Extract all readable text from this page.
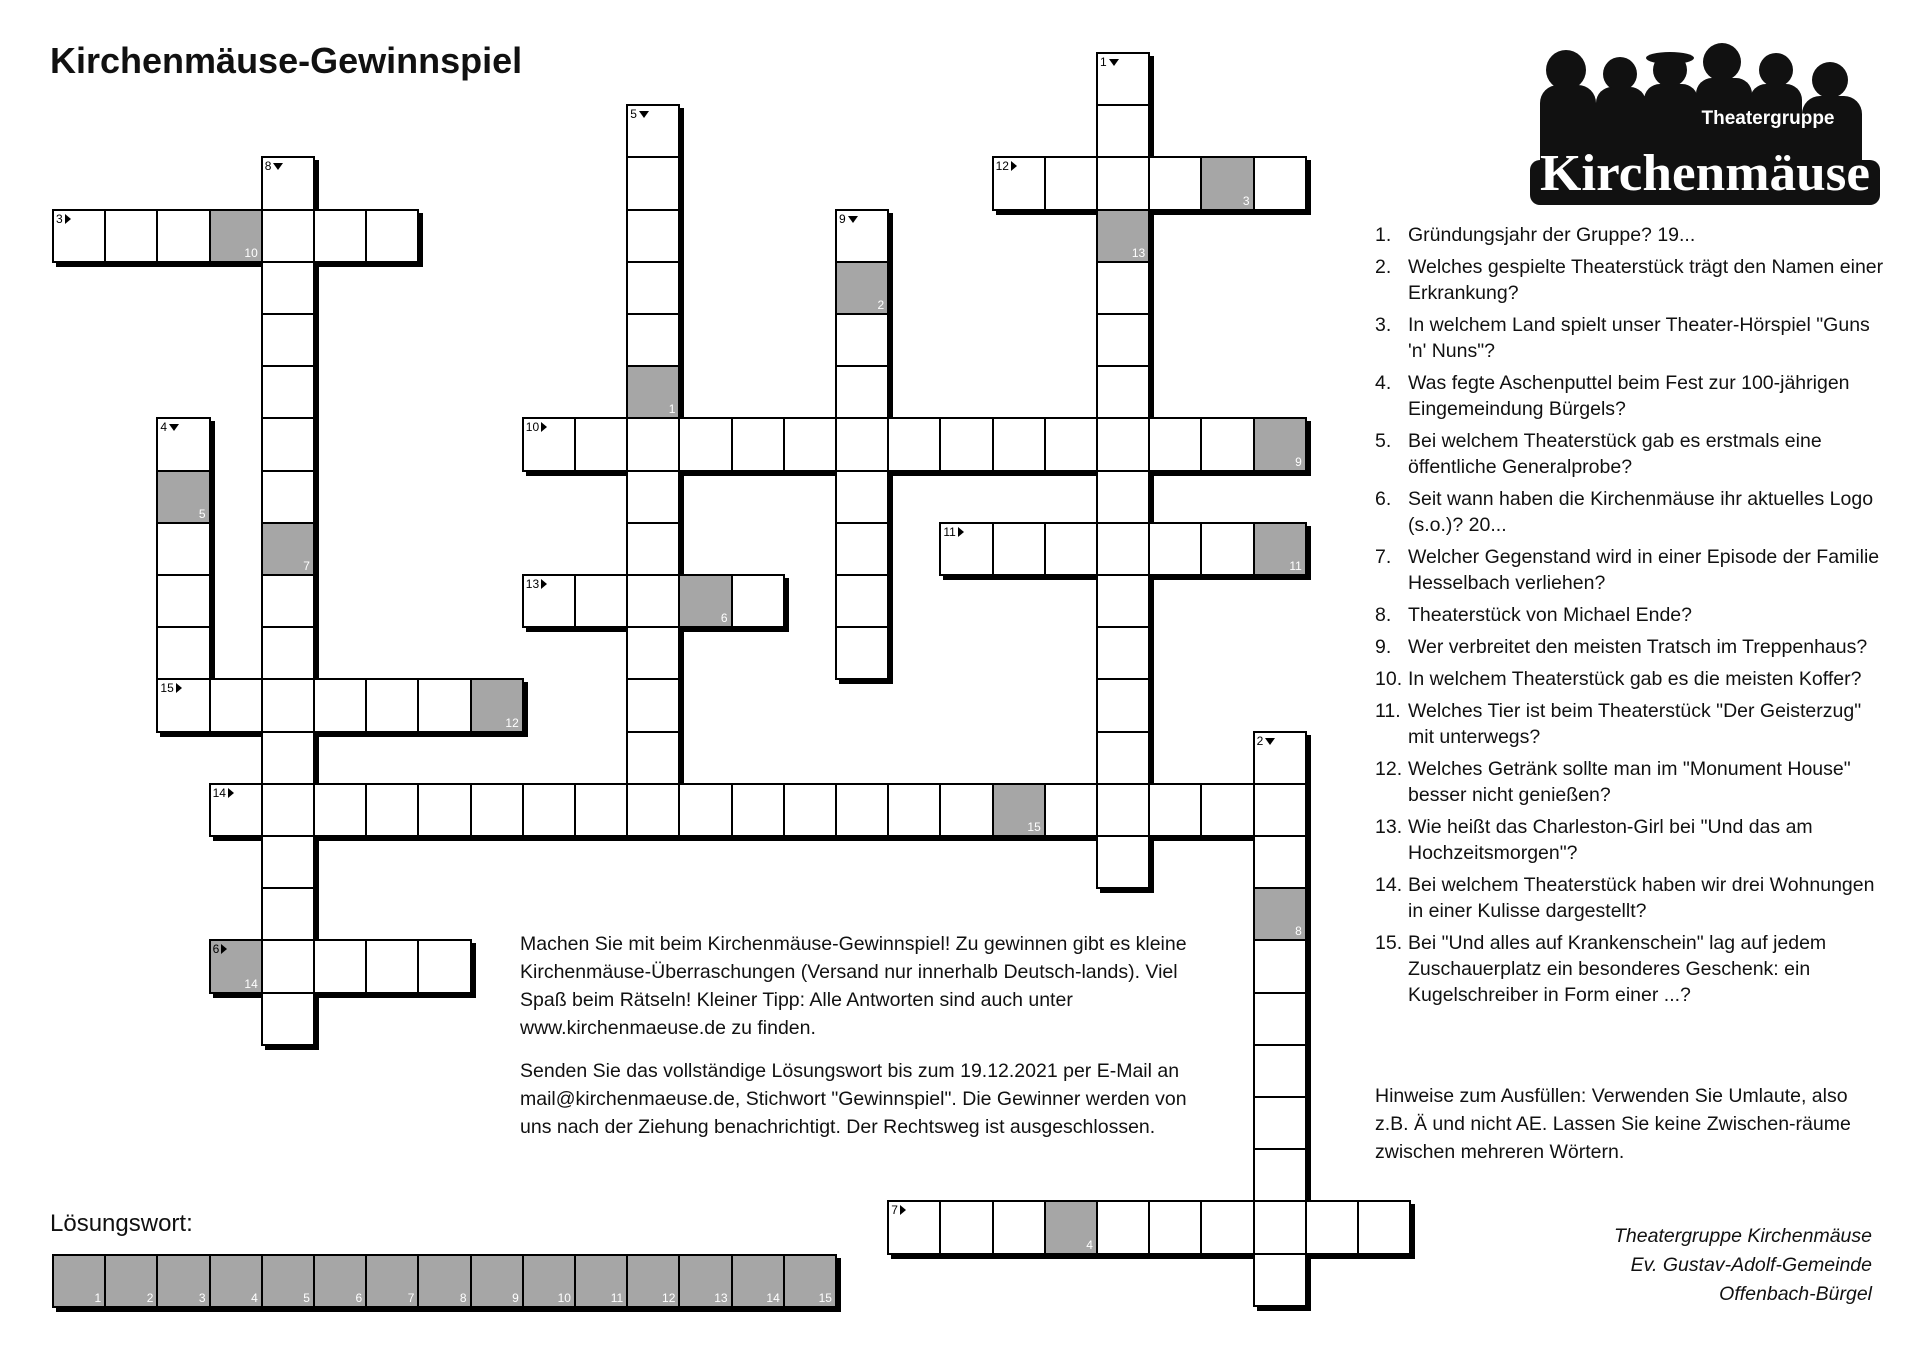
Kirchenmäuse-Gewinnspiel	1
5
8	12
3
3
10
9
13
2
1
4	10
9
5
7
11
11
13
6
15
12
2
14
15
8
6
14
7
4
Theatergruppe
Kirchenmäuse
1. Gründungsjahr der Gruppe? 19...
2. Welches gespielte Theaterstück trägt den Namen einer Erkrankung?
3. In welchem Land spielt unser Theater-Hörspiel "Guns 'n' Nuns"?
4. Was fegte Aschenputtel beim Fest zur 100-jährigen Eingemeindung Bürgels?
5. Bei welchem Theaterstück gab es erstmals eine öffentliche Generalprobe?
6. Seit wann haben die Kirchenmäuse ihr aktuelles Logo (s.o.)? 20...
7. Welcher Gegenstand wird in einer Episode der Familie Hesselbach verliehen?
8. Theaterstück von Michael Ende?
9. Wer verbreitet den meisten Tratsch im Treppenhaus?
10. In welchem Theaterstück gab es die meisten Koffer?
11. Welches Tier ist beim Theaterstück "Der Geisterzug" mit unterwegs?
12. Welches Getränk sollte man im "Monument House" besser nicht genießen?
13. Wie heißt das Charleston-Girl bei "Und das am Hochzeitsmorgen"?
14. Bei welchem Theaterstück haben wir drei Wohnungen in einer Kulisse dargestellt?
15. Bei "Und alles auf Krankenschein" lag auf jedem Zuschauerplatz ein besonderes Geschenk: ein Kugelschreiber in Form einer ...?
Hinweise zum Ausfüllen: Verwenden Sie Umlaute, also z.B. Ä und nicht AE. Lassen Sie keine Zwischen-räume zwischen mehreren Wörtern.

Machen Sie mit beim Kirchenmäuse-Gewinnspiel! Zu gewinnen gibt es kleine Kirchenmäuse-Überraschungen (Versand nur innerhalb Deutsch-lands). Viel Spaß beim Rätseln! Kleiner Tipp: Alle Antworten sind auch unter www.kirchenmaeuse.de zu finden.

Senden Sie das vollständige Lösungswort bis zum 19.12.2021 per E-Mail an mail@kirchenmaeuse.de, Stichwort "Gewinnspiel". Die Gewinner werden von uns nach der Ziehung benachrichtigt. Der Rechtsweg ist ausgeschlossen.

Lösungswort:
1	2	3	4	5	6	7	8	9	10	11	12	13	14	15
Theatergruppe Kirchenmäuse
Ev. Gustav-Adolf-Gemeinde
Offenbach-Bürgel
